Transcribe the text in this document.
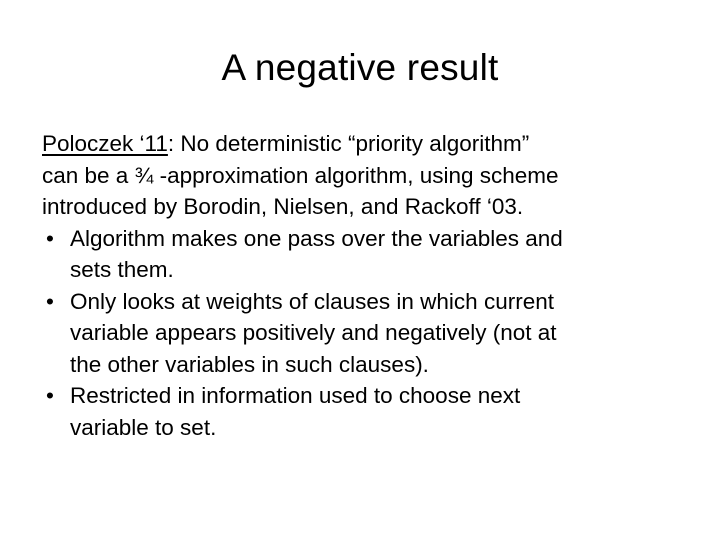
A negative result

Poloczek ‘11: No deterministic “priority algorithm”
can be a ¾ -approximation algorithm, using scheme
introduced by Borodin, Nielsen, and Rackoff ‘03.

• Algorithm makes one pass over the variables and
sets them.
• Only looks at weights of clauses in which current
variable appears positively and negatively (not at
the other variables in such clauses).
• Restricted in information used to choose next
variable to set.
